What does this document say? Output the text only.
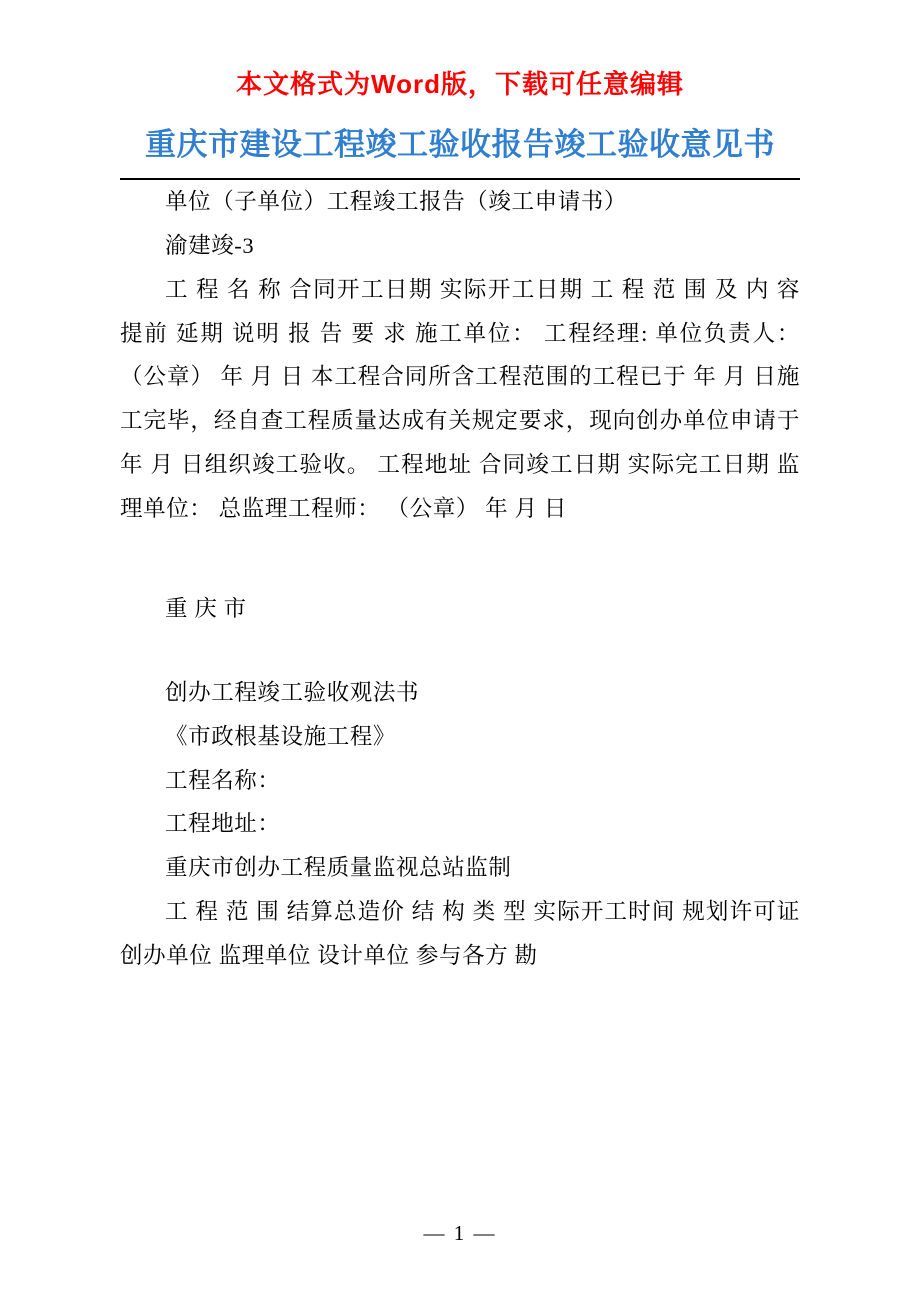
本文格式为Word版，下载可任意编辑
重庆市建设工程竣工验收报告竣工验收意见书

单位（子单位）工程竣工报告（竣工申请书）

渝建竣-3

工 程 名 称 合同开工日期 实际开工日期 工 程 范 围 及 内 容 提前 延期 说明 报 告 要 求 施工单位： 工程经理: 单位负责人： （公章） 年 月 日 本工程合同所含工程范围的工程已于 年 月 日施工完毕，经自查工程质量达成有关规定要求，现向创办单位申请于 年 月 日组织竣工验收。 工程地址 合同竣工日期 实际完工日期 监理单位： 总监理工程师： （公章） 年 月 日

重 庆 市

创办工程竣工验收观法书

《市政根基设施工程》

工程名称：

工程地址：

重庆市创办工程质量监视总站监制

工 程 范 围 结算总造价 结 构 类 型 实际开工时间 规划许可证 创办单位 监理单位 设计单位 参与各方 勘

— 1 —
